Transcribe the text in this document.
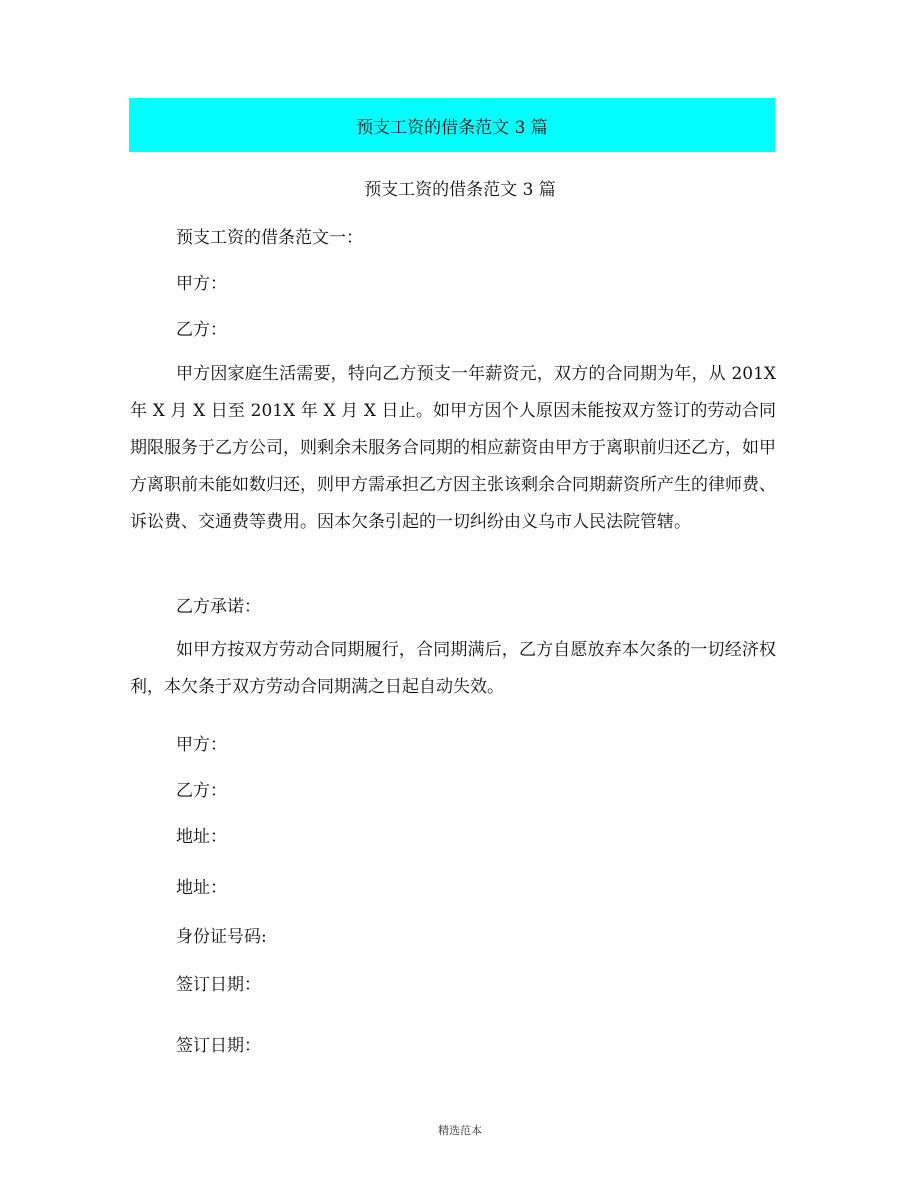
预支工资的借条范文 3 篇
预支工资的借条范文 3 篇
预支工资的借条范文一：
甲方：
乙方：
甲方因家庭生活需要，特向乙方预支一年薪资元，双方的合同期为年，从 201X 年 X 月 X 日至 201X 年 X 月 X 日止。如甲方因个人原因未能按双方签订的劳动合同期限服务于乙方公司，则剩余未服务合同期的相应薪资由甲方于离职前归还乙方，如甲方离职前未能如数归还，则甲方需承担乙方因主张该剩余合同期薪资所产生的律师费、诉讼费、交通费等费用。因本欠条引起的一切纠纷由义乌市人民法院管辖。
乙方承诺：
如甲方按双方劳动合同期履行，合同期满后，乙方自愿放弃本欠条的一切经济权利，本欠条于双方劳动合同期满之日起自动失效。
甲方：
乙方：
地址：
地址：
身份证号码:
签订日期：
签订日期：
精选范本
